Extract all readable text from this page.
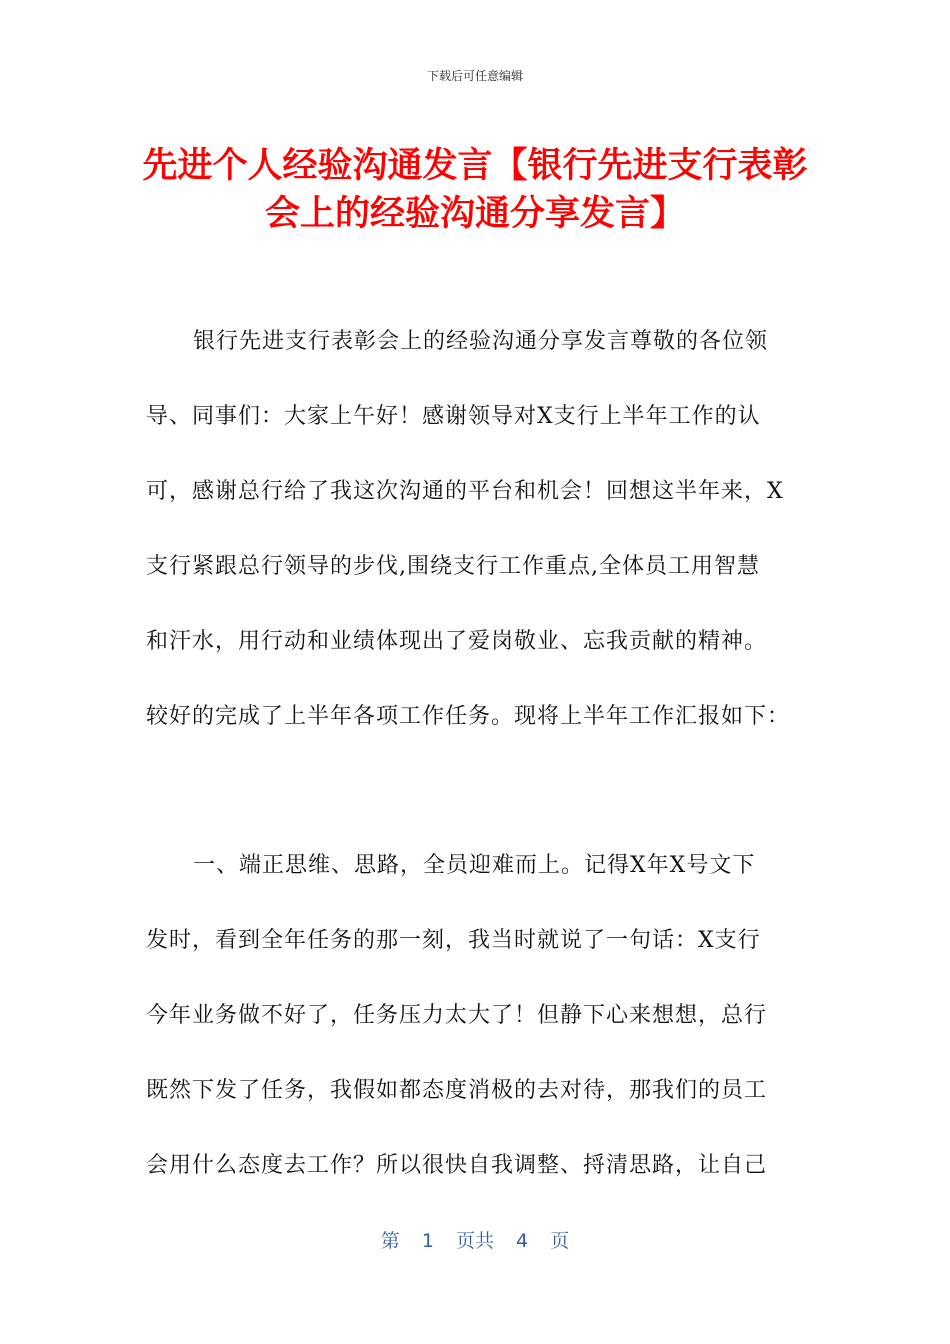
下载后可任意编辑
先进个人经验沟通发言【银行先进支行表彰
会上的经验沟通分享发言】
银行先进支行表彰会上的经验沟通分享发言尊敬的各位领
导、同事们：大家上午好！感谢领导对X支行上半年工作的认
可，感谢总行给了我这次沟通的平台和机会！回想这半年来，X
支行紧跟总行领导的步伐,围绕支行工作重点,全体员工用智慧
和汗水，用行动和业绩体现出了爱岗敬业、忘我贡献的精神。
较好的完成了上半年各项工作任务。现将上半年工作汇报如下：
一、端正思维、思路，全员迎难而上。记得X年X号文下
发时，看到全年任务的那一刻，我当时就说了一句话：X支行
今年业务做不好了，任务压力太大了！但静下心来想想，总行
既然下发了任务，我假如都态度消极的去对待，那我们的员工
会用什么态度去工作？所以很快自我调整、捋清思路，让自己
第 1 页共 4 页
